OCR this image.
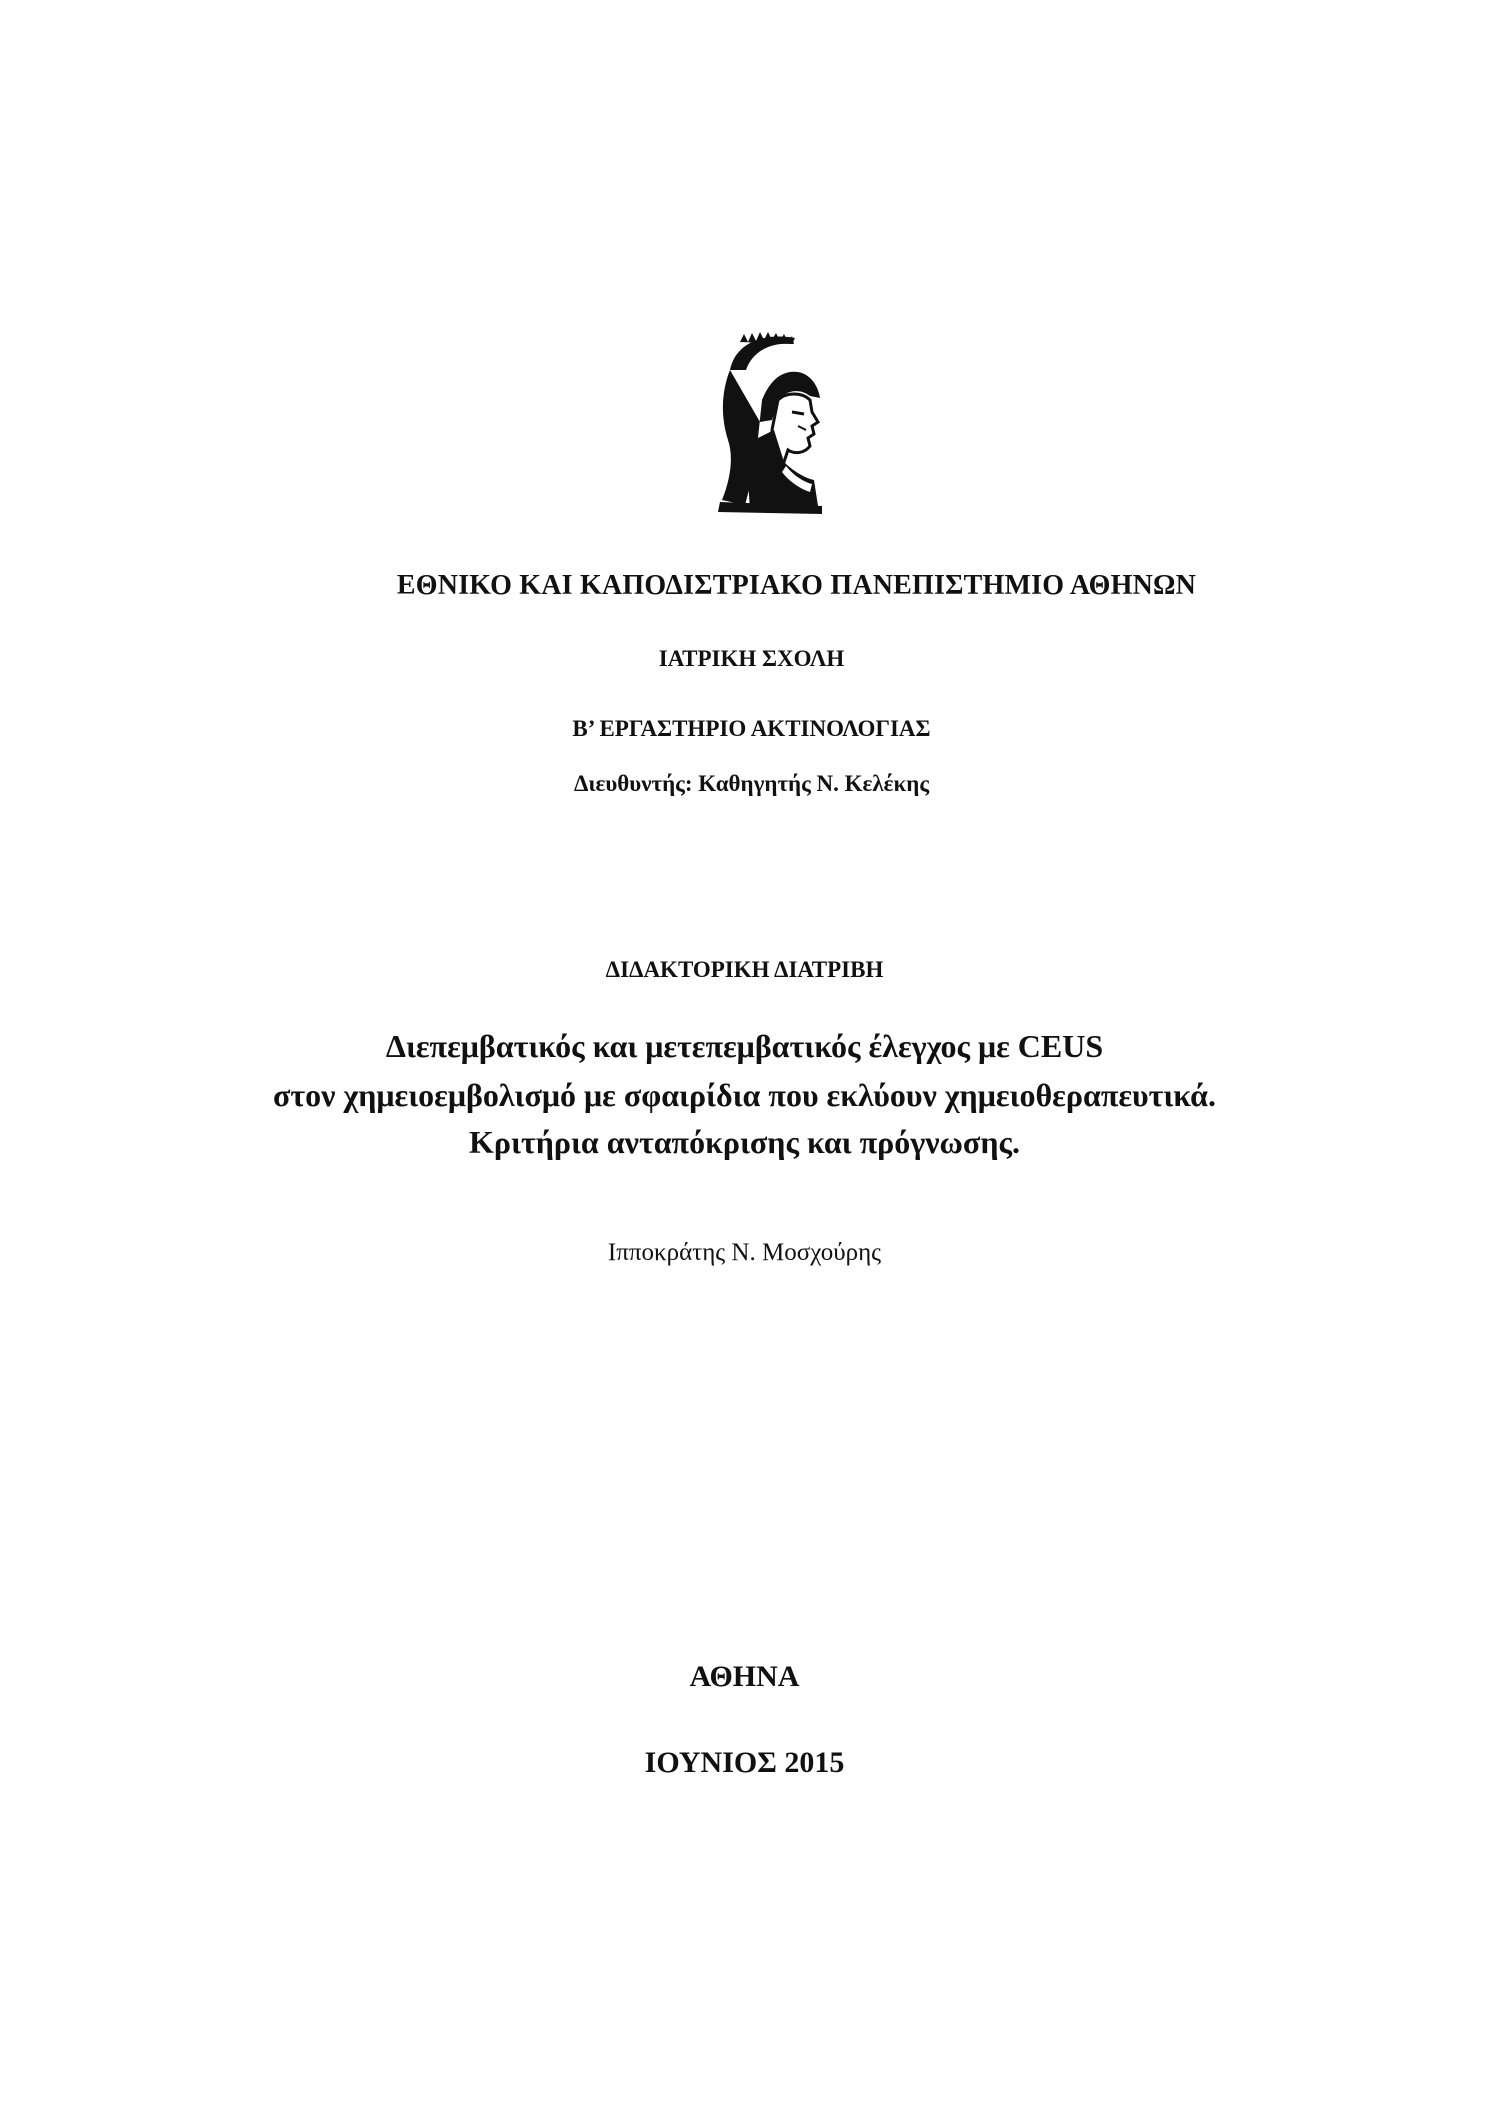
ΕΘΝΙΚΟ ΚΑΙ ΚΑΠΟΔΙΣΤΡΙΑΚΟ ΠΑΝΕΠΙΣΤΗΜΙΟ ΑΘΗΝΩΝ
ΙΑΤΡΙΚΗ ΣΧΟΛΗ
Β’ ΕΡΓΑΣΤΗΡΙΟ ΑΚΤΙΝΟΛΟΓΙΑΣ
Διευθυντής: Καθηγητής Ν. Κελέκης
ΔΙΔΑΚΤΟΡΙΚΗ ΔΙΑΤΡΙΒΗ
Διεπεμβατικός και μετεπεμβατικός έλεγχος με CEUS
στον χημειοεμβολισμό με σφαιρίδια που εκλύουν χημειοθεραπευτικά.
Κριτήρια ανταπόκρισης και πρόγνωσης.
Ιπποκράτης Ν. Μοσχούρης
ΑΘΗΝΑ
ΙΟΥΝΙΟΣ 2015
